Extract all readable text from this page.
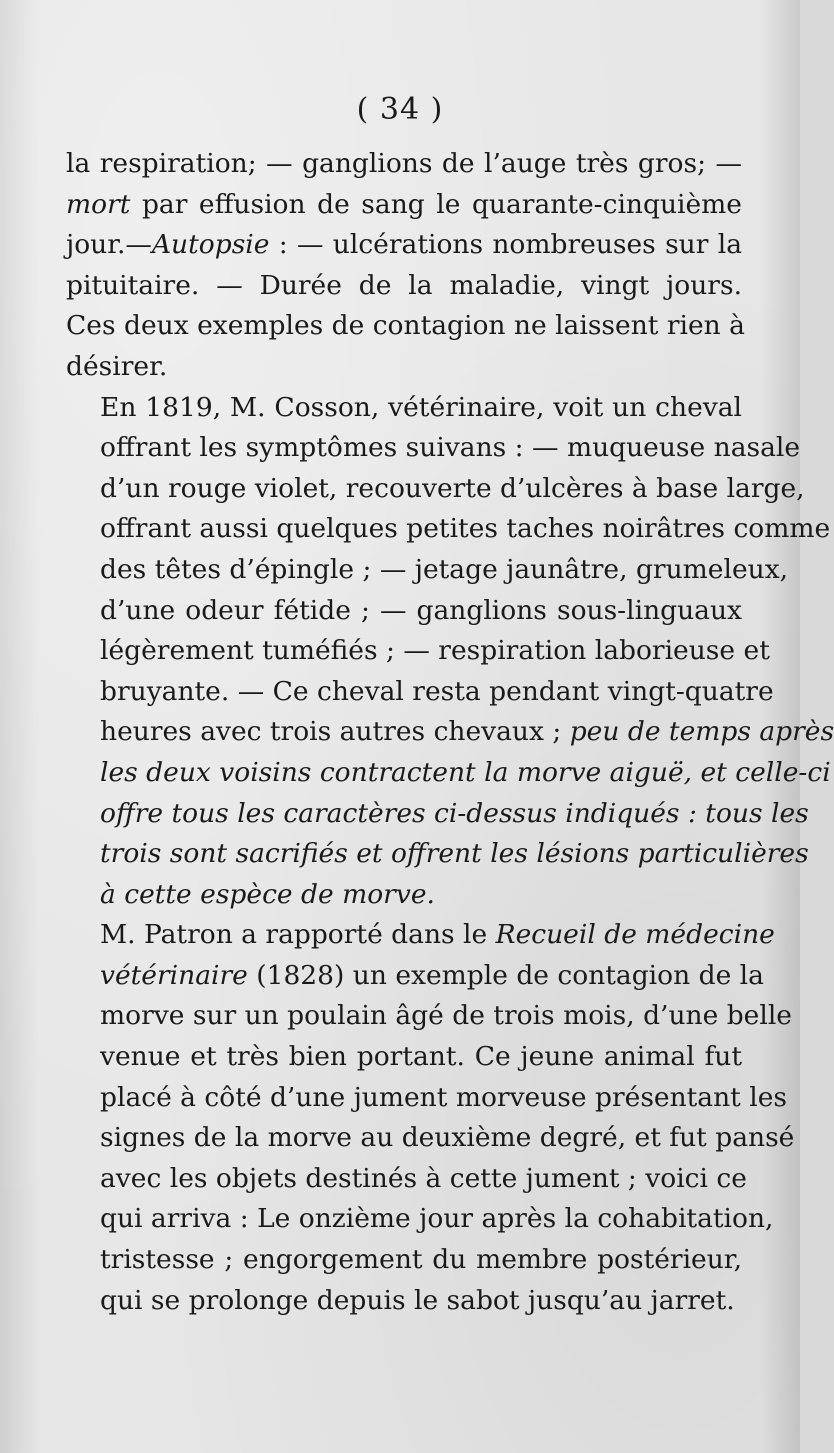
( 34 )

la respiration; — ganglions de l’auge très gros; —
mort par effusion de sang le quarante-cinquième
jour.—Autopsie : — ulcérations nombreuses sur la
pituitaire. — Durée de la maladie, vingt jours.
Ces deux exemples de contagion ne laissent rien à
désirer.

En 1819, M. Cosson, vétérinaire, voit un cheval
offrant les symptômes suivans : — muqueuse nasale
d’un rouge violet, recouverte d’ulcères à base large,
offrant aussi quelques petites taches noirâtres comme
des têtes d’épingle ; — jetage jaunâtre, grumeleux,
d’une odeur fétide ; — ganglions sous-linguaux
légèrement tuméfiés ; — respiration laborieuse et
bruyante. — Ce cheval resta pendant vingt-quatre
heures avec trois autres chevaux ; peu de temps après
les deux voisins contractent la morve aiguë, et celle-ci
offre tous les caractères ci-dessus indiqués : tous les
trois sont sacrifiés et offrent les lésions particulières
à cette espèce de morve.

M. Patron a rapporté dans le Recueil de médecine
vétérinaire (1828) un exemple de contagion de la
morve sur un poulain âgé de trois mois, d’une belle
venue et très bien portant. Ce jeune animal fut
placé à côté d’une jument morveuse présentant les
signes de la morve au deuxième degré, et fut pansé
avec les objets destinés à cette jument ; voici ce
qui arriva : Le onzième jour après la cohabitation,
tristesse ; engorgement du membre postérieur,
qui se prolonge depuis le sabot jusqu’au jarret.
